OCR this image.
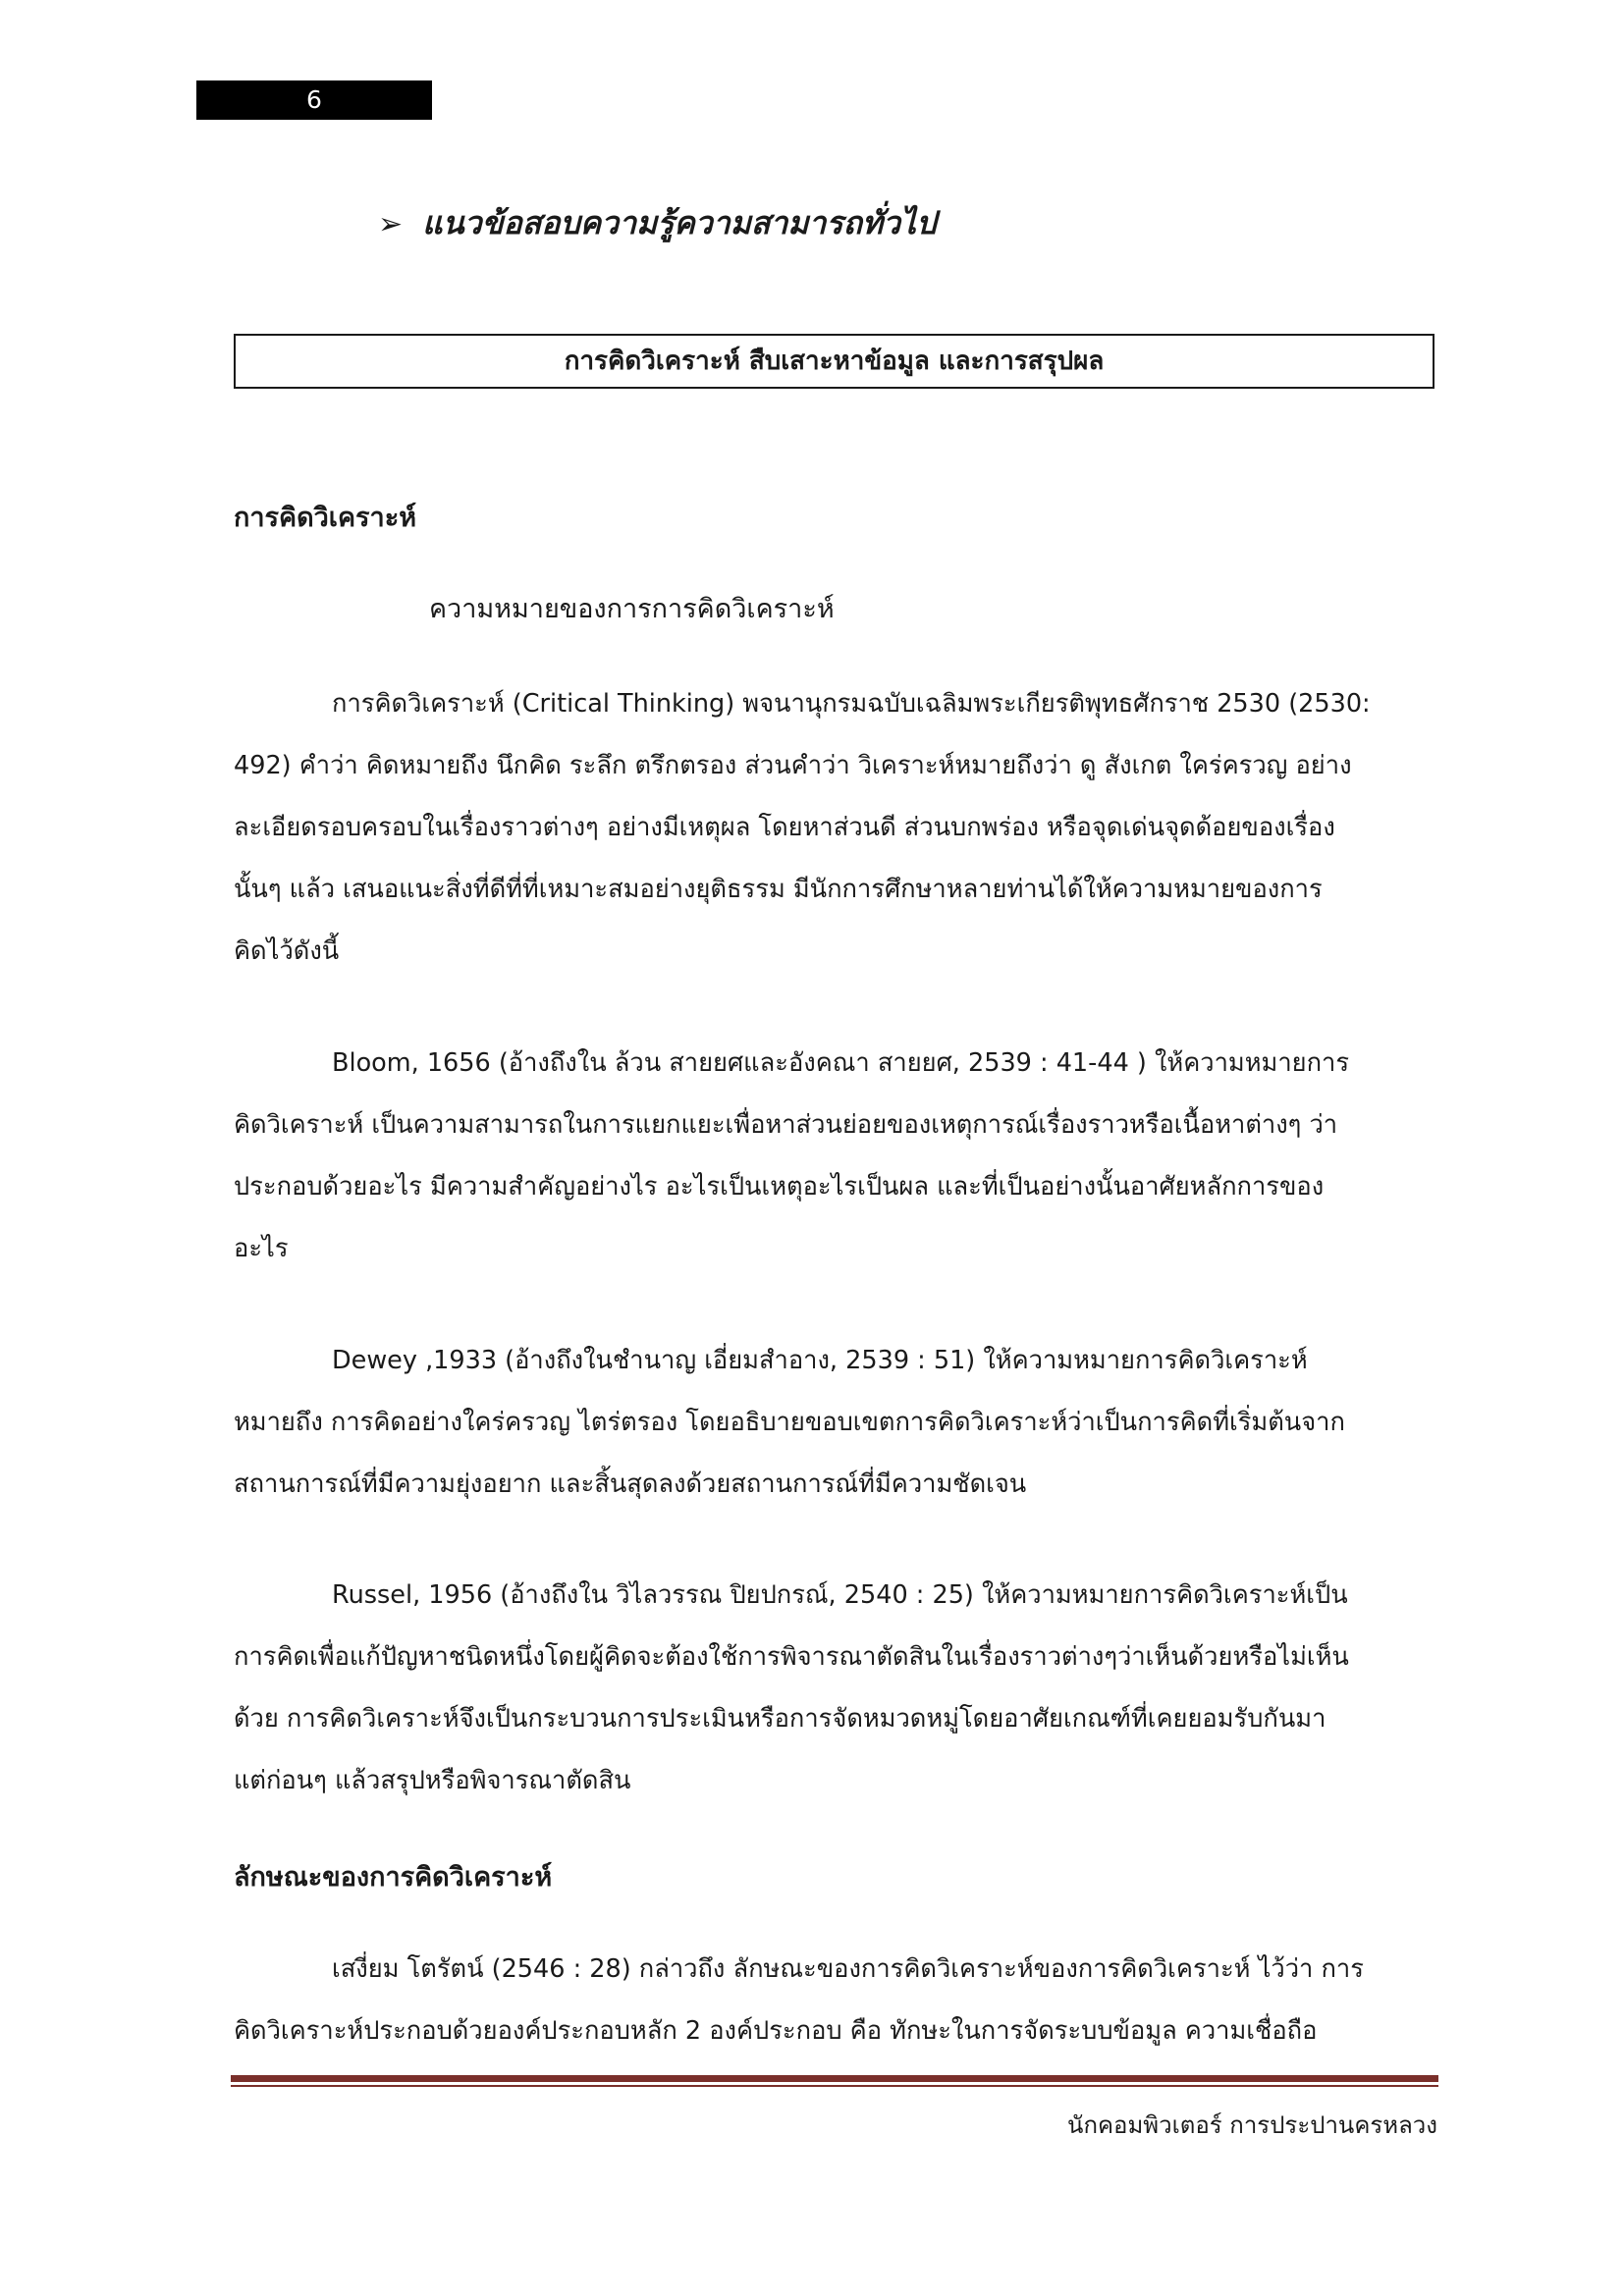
6
➢ แนวข้อสอบความรู้ความสามารถทั่วไป
การคิดวิเคราะห์ สืบเสาะหาข้อมูล และการสรุปผล
การคิดวิเคราะห์
ความหมายของการการคิดวิเคราะห์

การคิดวิเคราะห์ (Critical Thinking) พจนานุกรมฉบับเฉลิมพระเกียรติพุทธศักราช 2530 (2530:
492) คำว่า คิดหมายถึง นึกคิด ระลึก ตรึกตรอง ส่วนคำว่า วิเคราะห์หมายถึงว่า ดู สังเกต ใคร่ครวญ อย่าง
ละเอียดรอบครอบในเรื่องราวต่างๆ อย่างมีเหตุผล โดยหาส่วนดี ส่วนบกพร่อง หรือจุดเด่นจุดด้อยของเรื่อง
นั้นๆ แล้ว เสนอแนะสิ่งที่ดีที่ที่เหมาะสมอย่างยุติธรรม มีนักการศึกษาหลายท่านได้ให้ความหมายของการ
คิดไว้ดังนี้

Bloom, 1656 (อ้างถึงใน ล้วน สายยศและอังคณา สายยศ, 2539 : 41-44 ) ให้ความหมายการ
คิดวิเคราะห์ เป็นความสามารถในการแยกแยะเพื่อหาส่วนย่อยของเหตุการณ์เรื่องราวหรือเนื้อหาต่างๆ ว่า
ประกอบด้วยอะไร มีความสำคัญอย่างไร อะไรเป็นเหตุอะไรเป็นผล และที่เป็นอย่างนั้นอาศัยหลักการของ
อะไร

Dewey ,1933 (อ้างถึงในชำนาญ เอี่ยมสำอาง, 2539 : 51) ให้ความหมายการคิดวิเคราะห์
หมายถึง การคิดอย่างใคร่ครวญ ไตร่ตรอง โดยอธิบายขอบเขตการคิดวิเคราะห์ว่าเป็นการคิดที่เริ่มต้นจาก
สถานการณ์ที่มีความยุ่งอยาก และสิ้นสุดลงด้วยสถานการณ์ที่มีความชัดเจน

Russel, 1956 (อ้างถึงใน วิไลวรรณ ปิยปกรณ์, 2540 : 25) ให้ความหมายการคิดวิเคราะห์เป็น
การคิดเพื่อแก้ปัญหาชนิดหนึ่งโดยผู้คิดจะต้องใช้การพิจารณาตัดสินในเรื่องราวต่างๆว่าเห็นด้วยหรือไม่เห็น
ด้วย การคิดวิเคราะห์จึงเป็นกระบวนการประเมินหรือการจัดหมวดหมู่โดยอาศัยเกณฑ์ที่เคยยอมรับกันมา
แต่ก่อนๆ แล้วสรุปหรือพิจารณาตัดสิน

ลักษณะของการคิดวิเคราะห์

เสงี่ยม โตรัตน์ (2546 : 28) กล่าวถึง ลักษณะของการคิดวิเคราะห์ของการคิดวิเคราะห์ ไว้ว่า การ
คิดวิเคราะห์ประกอบด้วยองค์ประกอบหลัก 2 องค์ประกอบ คือ ทักษะในการจัดระบบข้อมูล ความเชื่อถือ

นักคอมพิวเตอร์ การประปานครหลวง
